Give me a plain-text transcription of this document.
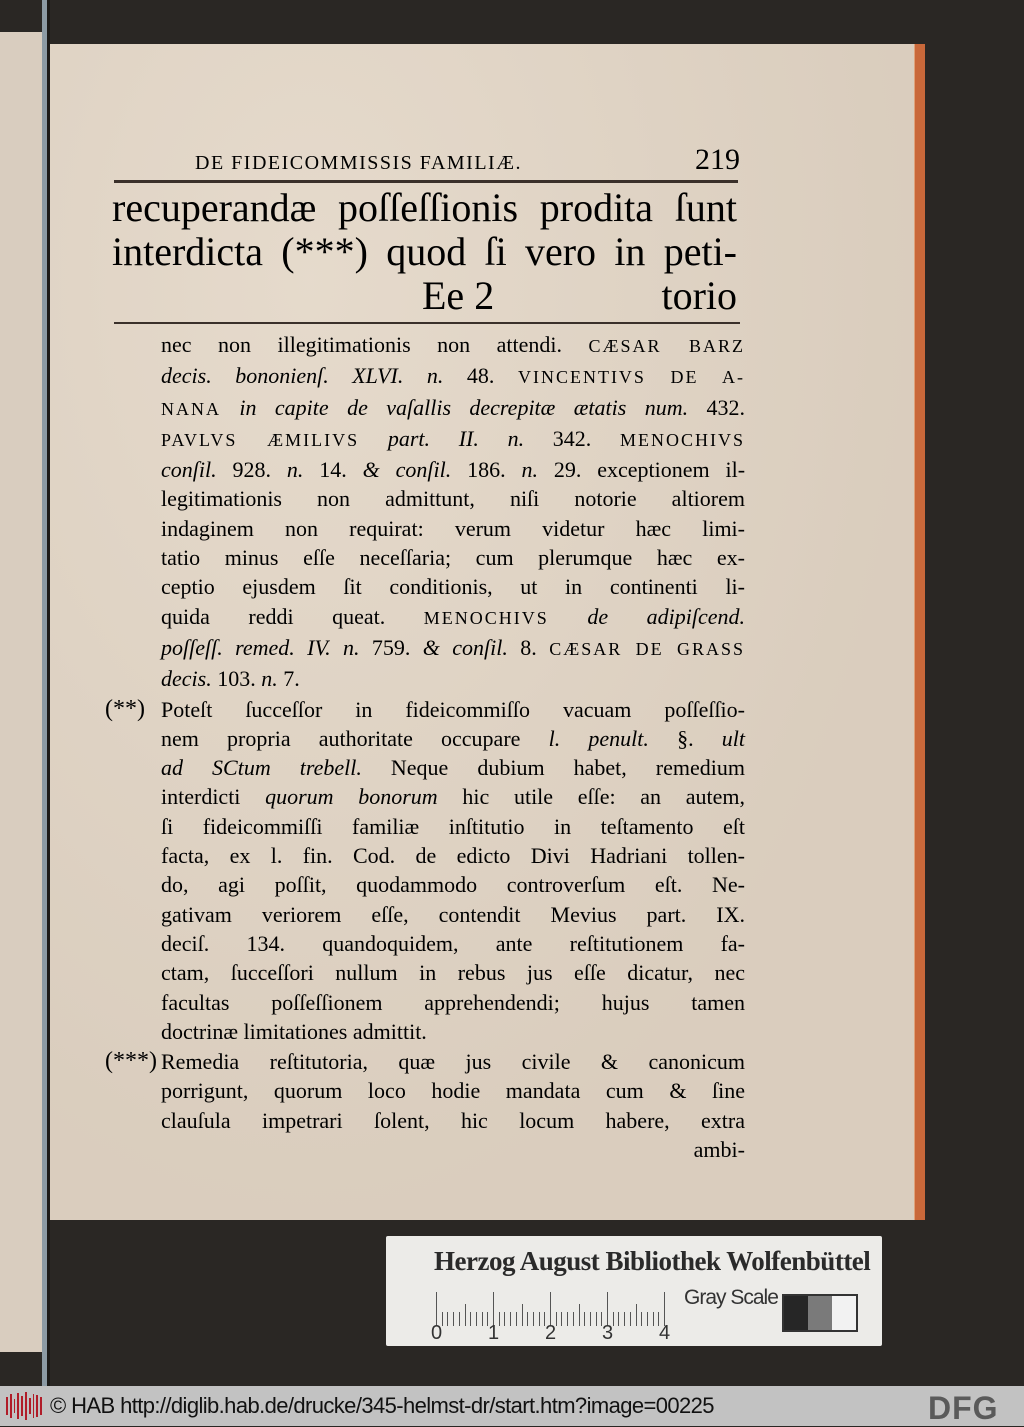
DE FIDEICOMMISSIS FAMILIÆ.	219
recuperandæ poſſeſſionis prodita ſunt
interdicta (***) quod ſi vero in peti-
Ee 2	torio
nec non illegitimationis non attendi. CÆSAR BARZ
decis. bononienſ. XLVI. n. 48. VINCENTIVS DE A-
NANA in capite de vaſallis decrepitæ ætatis num. 432.
PAVLVS ÆMILIVS part. II. n. 342. MENOCHIVS
conſil. 928. n. 14. & conſil. 186. n. 29. exceptionem il-
legitimationis non admittunt, niſi notorie altiorem
indaginem non requirat: verum videtur hæc limi-
tatio minus eſſe neceſſaria; cum plerumque hæc ex-
ceptio ejusdem ſit conditionis, ut in continenti li-
quida reddi queat. MENOCHIVS de adipiſcend.
poſſeſſ. remed. IV. n. 759. & conſil. 8. CÆSAR DE GRASS
decis. 103. n. 7.
(**) Poteſt ſucceſſor in fideicommiſſo vacuam poſſeſſio-
nem propria authoritate occupare l. penult. §. ult
ad SCtum trebell. Neque dubium habet, remedium
interdicti quorum bonorum hic utile eſſe: an autem,
ſi fideicommiſſi familiæ inſtitutio in teſtamento eſt
facta, ex l. fin. Cod. de edicto Divi Hadriani tollen-
do, agi poſſit, quodammodo controverſum eſt. Ne-
gativam veriorem eſſe, contendit Mevius part. IX.
deciſ. 134. quandoquidem, ante reſtitutionem fa-
ctam, ſucceſſori nullum in rebus jus eſſe dicatur, nec
facultas poſſeſſionem apprehendendi; hujus tamen
doctrinæ limitationes admittit.
(***) Remedia reſtitutoria, quæ jus civile & canonicum
porrigunt, quorum loco hodie mandata cum & ſine
clauſula impetrari ſolent, hic locum habere, extra
ambi-
Herzog August Bibliothek Wolfenbüttel
Gray Scale
0 1 2 3 4
© HAB http://diglib.hab.de/drucke/345-helmst-dr/start.htm?image=00225	DFG
